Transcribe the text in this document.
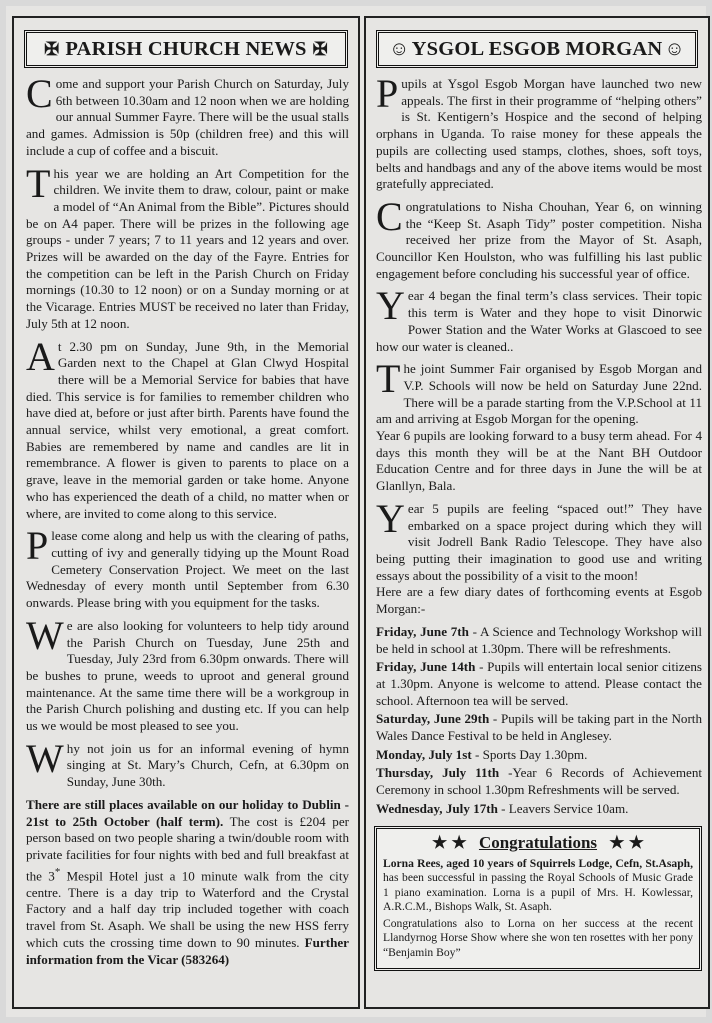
✠ PARISH CHURCH NEWS ✠

Come and support your Parish Church on Saturday, July 6th between 10.30am and 12 noon when we are holding our annual Summer Fayre. There will be the usual stalls and games. Admission is 50p (children free) and this will include a cup of coffee and a biscuit.

This year we are holding an Art Competition for the children. We invite them to draw, colour, paint or make a model of “An Animal from the Bible”. Pictures should be on A4 paper. There will be prizes in the following age groups - under 7 years; 7 to 11 years and 12 years and over. Prizes will be awarded on the day of the Fayre. Entries for the competition can be left in the Parish Church on Friday mornings (10.30 to 12 noon) or on a Sunday morning or at the Vicarage. Entries MUST be received no later than Friday, July 5th at 12 noon.

At 2.30 pm on Sunday, June 9th, in the Memorial Garden next to the Chapel at Glan Clwyd Hospital there will be a Memorial Service for babies that have died. This service is for families to remember children who have died at, before or just after birth. Parents have found the annual service, whilst very emotional, a great comfort. Babies are remembered by name and candles are lit in remembrance. A flower is given to parents to place on a grave, leave in the memorial garden or take home. Anyone who has experienced the death of a child, no matter when or where, are invited to come along to this service.

Please come along and help us with the clearing of paths, cutting of ivy and generally tidying up the Mount Road Cemetery Conservation Project. We meet on the last Wednesday of every month until September from 6.30 onwards. Please bring with you equipment for the tasks.

We are also looking for volunteers to help tidy around the Parish Church on Tuesday, June 25th and Tuesday, July 23rd from 6.30pm onwards. There will be bushes to prune, weeds to uproot and general ground maintenance. At the same time there will be a workgroup in the Parish Church polishing and dusting etc. If you can help us we would be most pleased to see you.

Why not join us for an informal evening of hymn singing at St. Mary’s Church, Cefn, at 6.30pm on Sunday, June 30th.

There are still places available on our holiday to Dublin - 21st to 25th October (half term). The cost is £204 per person based on two people sharing a twin/double room with private facilities for four nights with bed and full breakfast at the 3* Mespil Hotel just a 10 minute walk from the city centre. There is a day trip to Waterford and the Crystal Factory and a half day trip included together with coach travel from St. Asaph. We shall be using the new HSS ferry which cuts the crossing time down to 90 minutes. Further information from the Vicar (583264)

☺ YSGOL ESGOB MORGAN ☺

Pupils at Ysgol Esgob Morgan have launched two new appeals. The first in their programme of “helping others” is St. Kentigern’s Hospice and the second of helping orphans in Uganda. To raise money for these appeals the pupils are collecting used stamps, clothes, shoes, soft toys, belts and handbags and any of the above items would be most gratefully appreciated.

Congratulations to Nisha Chouhan, Year 6, on winning the “Keep St. Asaph Tidy” poster competition. Nisha received her prize from the Mayor of St. Asaph, Councillor Ken Houlston, who was fulfilling his last public engagement before concluding his successful year of office.

Year 4 began the final term’s class services. Their topic this term is Water and they hope to visit Dinorwic Power Station and the Water Works at Glascoed to see how our water is cleaned..

The joint Summer Fair organised by Esgob Morgan and V.P. Schools will now be held on Saturday June 22nd. There will be a parade starting from the V.P.School at 11 am and arriving at Esgob Morgan for the opening.

Year 6 pupils are looking forward to a busy term ahead. For 4 days this month they will be at the Nant BH Outdoor Education Centre and for three days in June the will be at Glanllyn, Bala.

Year 5 pupils are feeling “spaced out!” They have embarked on a space project during which they will visit Jodrell Bank Radio Telescope. They have also being putting their imagination to good use and writing essays about the possibility of a visit to the moon!

Here are a few diary dates of forthcoming events at Esgob Morgan:-

Friday, June 7th - A Science and Technology Workshop will be held in school at 1.30pm. There will be refreshments.

Friday, June 14th - Pupils will entertain local senior citizens at 1.30pm. Anyone is welcome to attend. Please contact the school. Afternoon tea will be served.

Saturday, June 29th - Pupils will be taking part in the North Wales Dance Festival to be held in Anglesey.

Monday, July 1st - Sports Day 1.30pm.

Thursday, July 11th -Year 6 Records of Achievement Ceremony in school 1.30pm Refreshments will be served.

Wednesday, July 17th - Leavers Service 10am.

★ ★ Congratulations ★ ★

Lorna Rees, aged 10 years of Squirrels Lodge, Cefn, St.Asaph, has been successful in passing the Royal Schools of Music Grade 1 piano examination. Lorna is a pupil of Mrs. H. Kowlessar, A.R.C.M., Bishops Walk, St. Asaph.

Congratulations also to Lorna on her success at the recent Llandyrnog Horse Show where she won ten rosettes with her pony “Benjamin Boy”
